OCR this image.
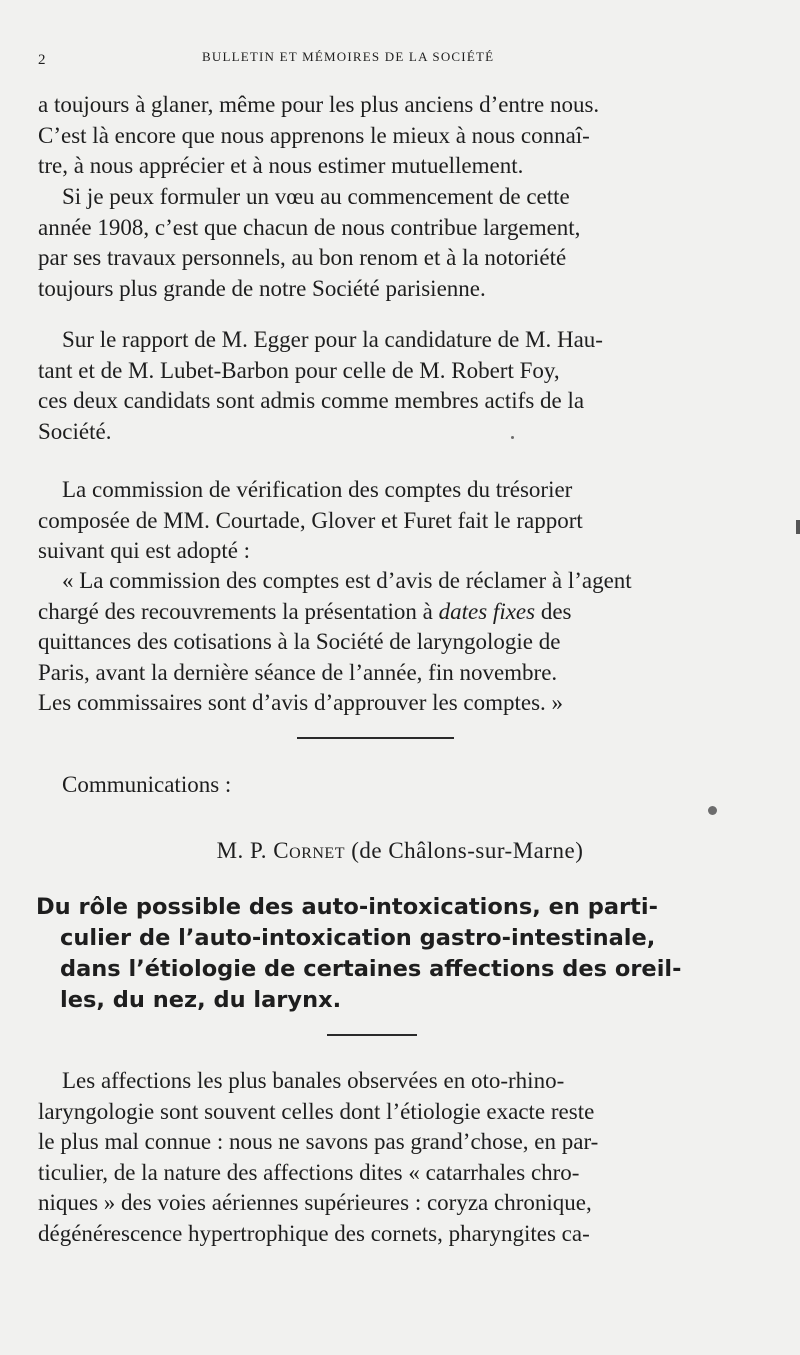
2	BULLETIN ET MÉMOIRES DE LA SOCIÉTÉ

a toujours à glaner, même pour les plus anciens d’entre nous.
C’est là encore que nous apprenons le mieux à nous connaî-
tre, à nous apprécier et à nous estimer mutuellement.

Si je peux formuler un vœu au commencement de cette
année 1908, c’est que chacun de nous contribue largement,
par ses travaux personnels, au bon renom et à la notoriété
toujours plus grande de notre Société parisienne.

Sur le rapport de M. Egger pour la candidature de M. Hau-
tant et de M. Lubet-Barbon pour celle de M. Robert Foy,
ces deux candidats sont admis comme membres actifs de la
Société.

La commission de vérification des comptes du trésorier
composée de MM. Courtade, Glover et Furet fait le rapport
suivant qui est adopté :

« La commission des comptes est d’avis de réclamer à l’agent
chargé des recouvrements la présentation à dates fixes des
quittances des cotisations à la Société de laryngologie de
Paris, avant la dernière séance de l’année, fin novembre.
Les commissaires sont d’avis d’approuver les comptes. »

Communications :

M. P. Cornet (de Châlons-sur-Marne)

Du rôle possible des auto-intoxications, en parti-
culier de l’auto-intoxication gastro-intestinale,
dans l’étiologie de certaines affections des oreil-
les, du nez, du larynx.

Les affections les plus banales observées en oto-rhino-
laryngologie sont souvent celles dont l’étiologie exacte reste
le plus mal connue : nous ne savons pas grand’chose, en par-
ticulier, de la nature des affections dites « catarrhales chro-
niques » des voies aériennes supérieures : coryza chronique,
dégénérescence hypertrophique des cornets, pharyngites ca-
